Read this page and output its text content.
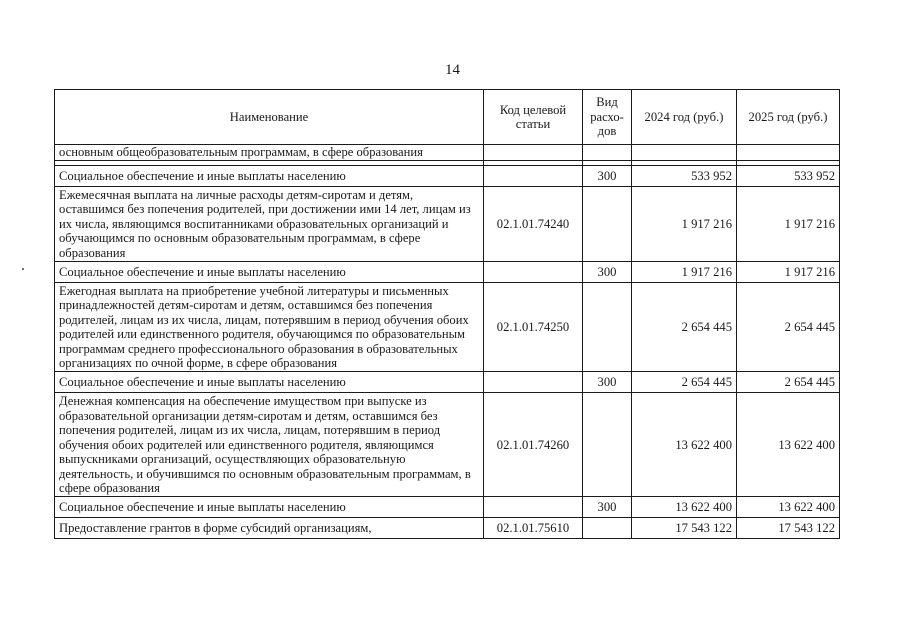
14
Наименование	Код целевой статьи	Вид расхо-дов	2024 год (руб.)	2025 год (руб.)
основным общеобразовательным программам, в сфере образования				

Социальное обеспечение и иные выплаты населению		300	533 952	533 952
Ежемесячная выплата на личные расходы детям-сиротам и детям, оставшимся без попечения родителей, при достижении ими 14 лет, лицам из их числа, являющимся воспитанниками образовательных организаций и обучающимся по основным образовательным программам, в сфере образования	02.1.01.74240		1 917 216	1 917 216
Социальное обеспечение и иные выплаты населению		300	1 917 216	1 917 216
Ежегодная выплата на приобретение учебной литературы и письменных принадлежностей детям-сиротам и детям, оставшимся без попечения родителей, лицам из их числа, лицам, потерявшим в период обучения обоих родителей или единственного родителя, обучающимся по образовательным программам среднего профессионального образования в образовательных организациях по очной форме, в сфере образования	02.1.01.74250		2 654 445	2 654 445
Социальное обеспечение и иные выплаты населению		300	2 654 445	2 654 445
Денежная компенсация на обеспечение имуществом при выпуске из образовательной организации детям-сиротам и детям, оставшимся без попечения родителей, лицам из их числа, лицам, потерявшим в период обучения обоих родителей или единственного родителя, являющимся выпускниками организаций, осуществляющих образовательную деятельность, и обучившимся по основным образовательным программам, в сфере образования	02.1.01.74260		13 622 400	13 622 400
Социальное обеспечение и иные выплаты населению		300	13 622 400	13 622 400
Предоставление грантов в форме субсидий организациям,	02.1.01.75610		17 543 122	17 543 122
